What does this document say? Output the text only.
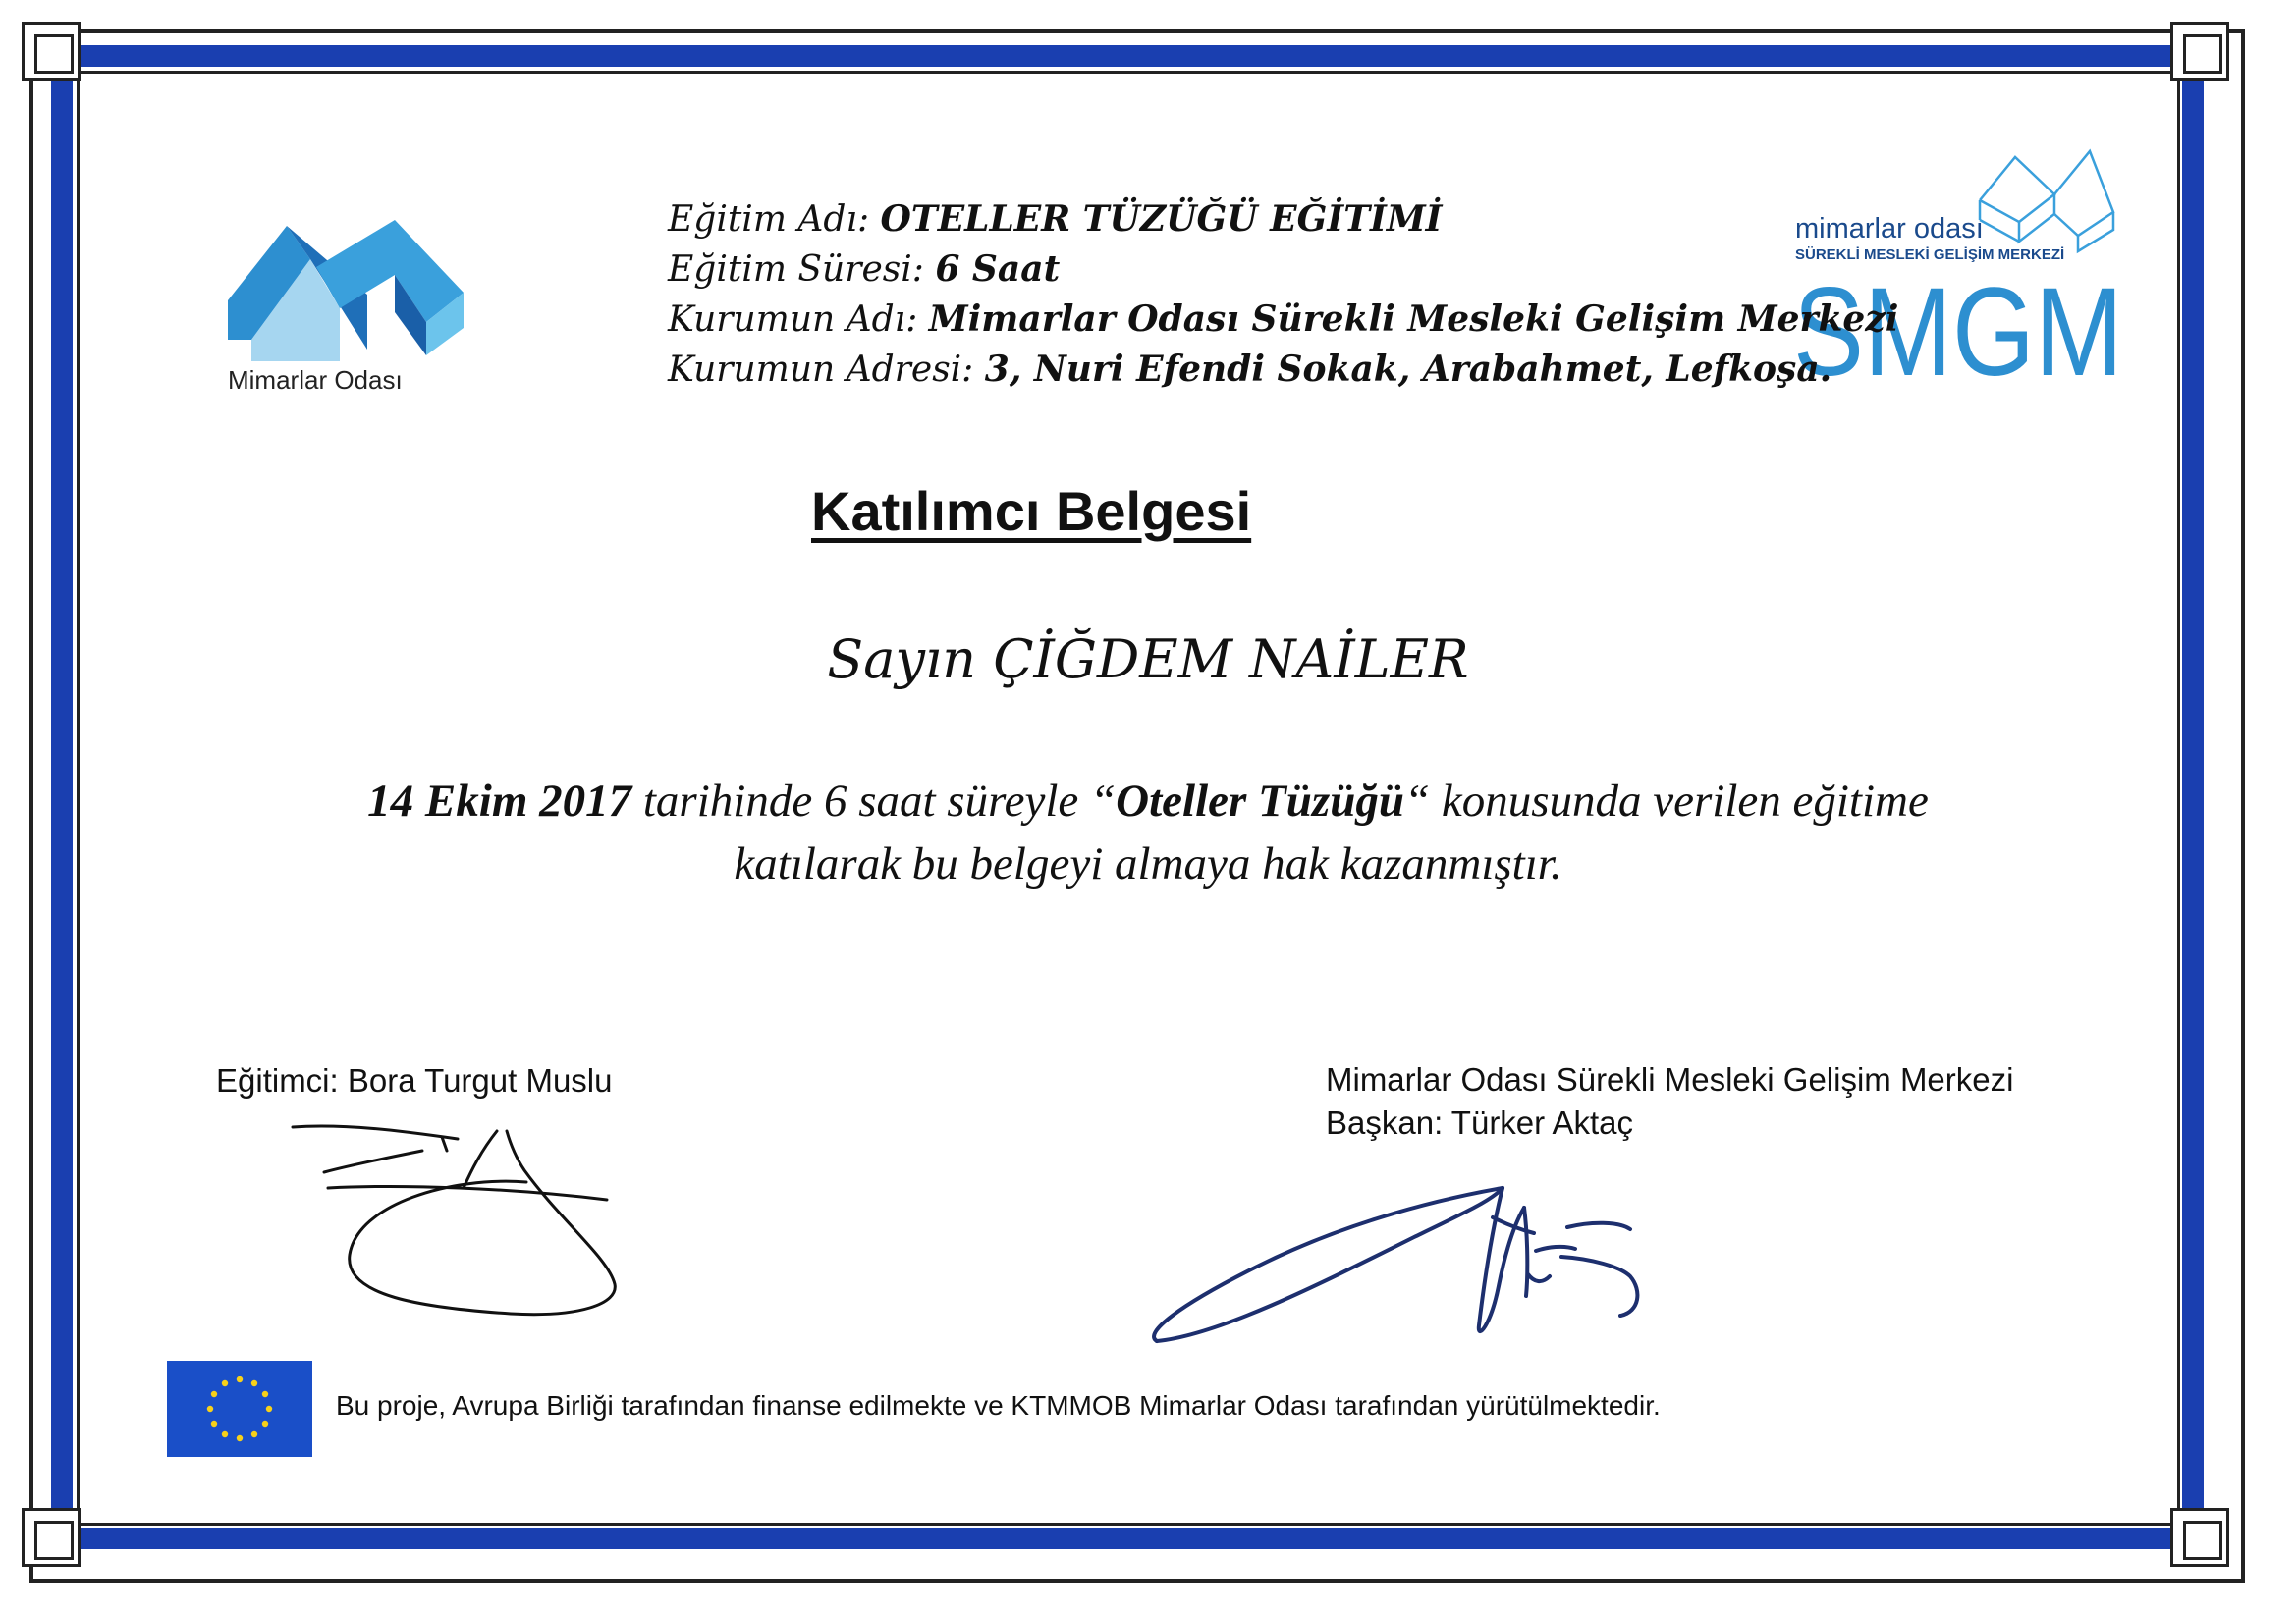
Mimarlar Odası
mimarlar odası
SÜREKLİ MESLEKİ GELİŞİM MERKEZİ
SMGM
Eğitim Adı: OTELLER TÜZÜĞÜ EĞİTİMİ
Eğitim Süresi: 6 Saat
Kurumun Adı: Mimarlar Odası Sürekli Mesleki Gelişim Merkezi
Kurumun Adresi: 3, Nuri Efendi Sokak, Arabahmet, Lefkoşa.
Katılımcı Belgesi
Sayın ÇİĞDEM NAİLER
14 Ekim 2017 tarihinde 6 saat süreyle “Oteller Tüzüğü“ konusunda verilen eğitime
katılarak bu belgeyi almaya hak kazanmıştır.
Eğitimci: Bora Turgut Muslu	Mimarlar Odası Sürekli Mesleki Gelişim Merkezi
Başkan: Türker Aktaç
Bu proje, Avrupa Birliği tarafından finanse edilmekte ve KTMMOB Mimarlar Odası tarafından yürütülmektedir.
